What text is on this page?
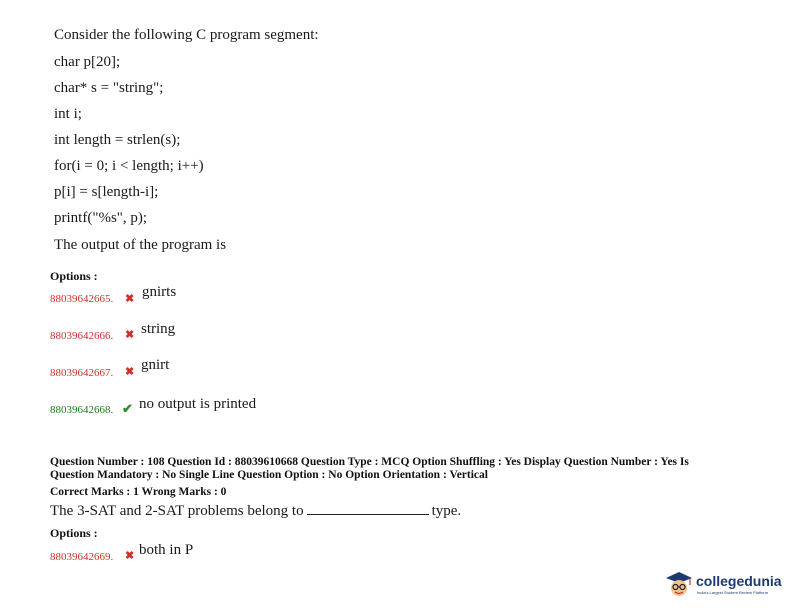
Consider the following C program segment:
char p[20];
char* s = "string";
int i;
int length = strlen(s);
for(i = 0; i < length; i++)
p[i] = s[length-i];
printf("%s", p);
The output of the program is
Options :
88039642665. ✖ gnirts
88039642666. ✖ string
88039642667. ✖ gnirt
88039642668. ✔ no output is printed
Question Number : 108 Question Id : 88039610668 Question Type : MCQ Option Shuffling : Yes Display Question Number : Yes Is
Question Mandatory : No Single Line Question Option : No Option Orientation : Vertical
Correct Marks : 1 Wrong Marks : 0
The 3-SAT and 2-SAT problems belong to	type.
Options :
88039642669. ✖ both in P
collegedunia
India's Largest Student Review Platform
